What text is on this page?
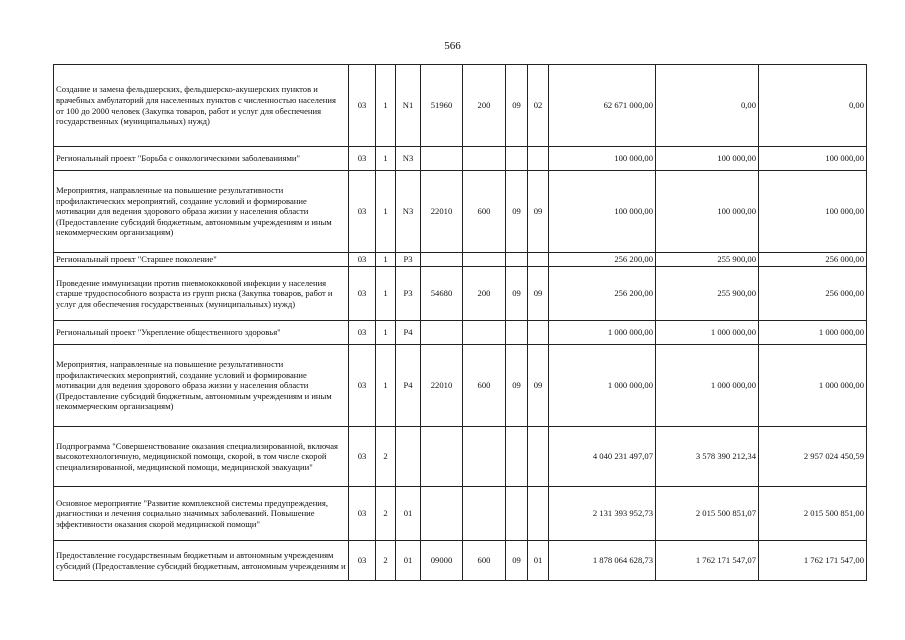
566
Создание и замена фельдшерских, фельдшерско-акушерских пунктов и врачебных амбулаторий для населенных пунктов с численностью населения от 100 до 2000 человек (Закупка товаров, работ и услуг для обеспечения государственных (муниципальных) нужд)	03	1	N1	51960	200	09	02	62 671 000,00	0,00	0,00
Региональный проект "Борьба с онкологическими заболеваниями"	03	1	N3					100 000,00	100 000,00	100 000,00
Мероприятия, направленные на повышение результативности профилактических мероприятий, создание условий и формирование мотивации для ведения здорового образа жизни у населения области (Предоставление субсидий бюджетным, автономным учреждениям и иным некоммерческим организациям)	03	1	N3	22010	600	09	09	100 000,00	100 000,00	100 000,00
Региональный проект "Старшее поколение"	03	1	P3					256 200,00	255 900,00	256 000,00
Проведение иммунизации против пневмококковой инфекции у населения старше трудоспособного возраста из групп риска (Закупка товаров, работ и услуг для обеспечения государственных (муниципальных) нужд)	03	1	P3	54680	200	09	09	256 200,00	255 900,00	256 000,00
Региональный проект "Укрепление общественного здоровья"	03	1	P4					1 000 000,00	1 000 000,00	1 000 000,00
Мероприятия, направленные на повышение результативности профилактических мероприятий, создание условий и формирование мотивации для ведения здорового образа жизни у населения области (Предоставление субсидий бюджетным, автономным учреждениям и иным некоммерческим организациям)	03	1	P4	22010	600	09	09	1 000 000,00	1 000 000,00	1 000 000,00
Подпрограмма "Совершенствование оказания специализированной, включая высокотехнологичную, медицинской помощи, скорой, в том числе скорой специализированной, медицинской помощи, медицинской эвакуации"	03	2						4 040 231 497,07	3 578 390 212,34	2 957 024 450,59
Основное мероприятие "Развитие комплексной системы предупреждения, диагностики и лечения социально значимых заболеваний. Повышение эффективности оказания скорой медицинской помощи"	03	2	01					2 131 393 952,73	2 015 500 851,07	2 015 500 851,00
Предоставление государственным бюджетным и автономным учреждениям субсидий (Предоставление субсидий бюджетным, автономным учреждениям и	03	2	01	09000	600	09	01	1 878 064 628,73	1 762 171 547,07	1 762 171 547,00
